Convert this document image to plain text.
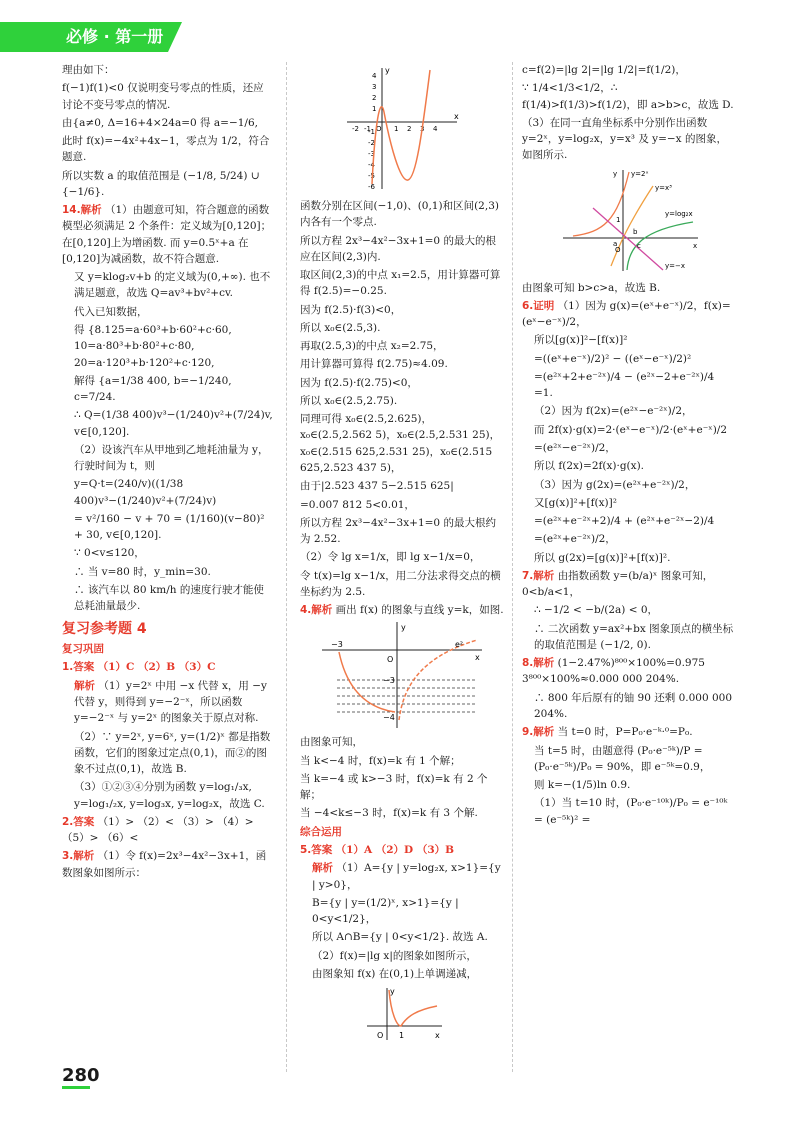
必修 · 第一册

理由如下：

f(−1)f(1)<0 仅说明变号零点的性质，还应讨论不变号零点的情况.

由{a≠0, Δ=16+4×24a=0 得 a=−1/6,

此时 f(x)=−4x²+4x−1，零点为 1/2，符合题意.

所以实数 a 的取值范围是 (−1/8, 5/24) ∪ {−1/6}.

14.解析 （1）由题意可知，符合题意的函数模型必须满足 2 个条件：定义域为[0,120]；在[0,120]上为增函数. 而 y=0.5ˣ+a 在[0,120]为减函数，故不符合题意.

又 y=klog₂v+b 的定义域为(0,+∞). 也不满足题意，故选 Q=av³+bv²+cv.

代入已知数据，

得 {8.125=a·60³+b·60²+c·60, 10=a·80³+b·80²+c·80, 20=a·120³+b·120²+c·120,

解得 {a=1/38 400, b=−1/240, c=7/24.

∴ Q=(1/38 400)v³−(1/240)v²+(7/24)v, v∈[0,120].

（2）设该汽车从甲地到乙地耗油量为 y，行驶时间为 t，则

y=Q·t=(240/v)((1/38 400)v³−(1/240)v²+(7/24)v)

= v²/160 − v + 70 = (1/160)(v−80)² + 30, v∈[0,120].

∵ 0<v≤120，

∴ 当 v=80 时，y_min=30.

∴ 该汽车以 80 km/h 的速度行驶才能使总耗油量最少.

复习参考题 4
复习巩固

1.答案 （1）C （2）B （3）C

解析 （1）y=2ˣ 中用 −x 代替 x，用 −y 代替 y，则得到 y=−2⁻ˣ，所以函数 y=−2⁻ˣ 与 y=2ˣ 的图象关于原点对称.

（2）∵ y=2ˣ, y=6ˣ, y=(1/2)ˣ 都是指数函数，它们的图象过定点(0,1)，而②的图象不过点(0,1)，故选 B.

（3）①②③④分别为函数 y=log₁/₃x, y=log₁/₂x, y=log₃x, y=log₂x，故选 C.

2.答案 （1）> （2）< （3）> （4）> （5）> （6）<

3.解析 （1）令 f(x)=2x³−4x²−3x+1，函数图象如图所示：

x
y
4
3
2
1
-1
-2
-3
-4
-5
-6
-2 -1 O 1 2 3 4

函数分别在区间(−1,0)、(0,1)和区间(2,3)内各有一个零点.

所以方程 2x³−4x²−3x+1=0 的最大的根应在区间(2,3)内.

取区间(2,3)的中点 x₁=2.5，用计算器可算得 f(2.5)=−0.25.

因为 f(2.5)·f(3)<0，

所以 x₀∈(2.5,3).

再取(2.5,3)的中点 x₂=2.75，

用计算器可算得 f(2.75)≈4.09.

因为 f(2.5)·f(2.75)<0，

所以 x₀∈(2.5,2.75).

同理可得 x₀∈(2.5,2.625)，x₀∈(2.5,2.562 5)，x₀∈(2.5,2.531 25)，x₀∈(2.515 625,2.531 25)，x₀∈(2.515 625,2.523 437 5)，

由于|2.523 437 5−2.515 625|

=0.007 812 5<0.01，

所以方程 2x³−4x²−3x+1=0 的最大根约为 2.52.

（2）令 lg x=1/x，即 lg x−1/x=0，

令 t(x)=lg x−1/x，用二分法求得交点的横坐标约为 2.5.

4.解析 画出 f(x) 的图象与直线 y=k，如图.

−3
O
e²
x
−3
−4
y

由图象可知，

当 k<−4 时，f(x)=k 有 1 个解；

当 k=−4 或 k>−3 时，f(x)=k 有 2 个解；

当 −4<k≤−3 时，f(x)=k 有 3 个解.

综合运用

5.答案 （1）A （2）D （3）B

解析 （1）A={y | y=log₂x, x>1}={y | y>0}，

B={y | y=(1/2)ˣ, x>1}={y | 0<y<1/2}，

所以 A∩B={y | 0<y<1/2}. 故选 A.

（2）f(x)=|lg x|的图象如图所示，

由图象知 f(x) 在(0,1)上单调递减，

y
O 1	x

c=f(2)=|lg 2|=|lg 1/2|=f(1/2)，

∵ 1/4<1/3<1/2，∴ f(1/4)>f(1/3)>f(1/2)，即 a>b>c，故选 D.

（3）在同一直角坐标系中分别作出函数 y=2ˣ，y=log₂x，y=x³ 及 y=−x 的图象，如图所示.

y=2ˣ
y=x³
y=log₂x
y=−x
a
b
c
O	x
y
1

由图象可知 b>c>a，故选 B.

6.证明 （1）因为 g(x)=(eˣ+e⁻ˣ)/2，f(x)=(eˣ−e⁻ˣ)/2，

所以[g(x)]²−[f(x)]²

=((eˣ+e⁻ˣ)/2)² − ((eˣ−e⁻ˣ)/2)²

=(e²ˣ+2+e⁻²ˣ)/4 − (e²ˣ−2+e⁻²ˣ)/4 =1.

（2）因为 f(2x)=(e²ˣ−e⁻²ˣ)/2，

而 2f(x)·g(x)=2·(eˣ−e⁻ˣ)/2·(eˣ+e⁻ˣ)/2

=(e²ˣ−e⁻²ˣ)/2，

所以 f(2x)=2f(x)·g(x).

（3）因为 g(2x)=(e²ˣ+e⁻²ˣ)/2，

又[g(x)]²+[f(x)]²

=(e²ˣ+e⁻²ˣ+2)/4 + (e²ˣ+e⁻²ˣ−2)/4

=(e²ˣ+e⁻²ˣ)/2，

所以 g(2x)=[g(x)]²+[f(x)]².

7.解析 由指数函数 y=(b/a)ˣ 图象可知，0<b/a<1，

∴ −1/2 < −b/(2a) < 0，

∴ 二次函数 y=ax²+bx 图象顶点的横坐标的取值范围是 (−1/2, 0).

8.解析 (1−2.47%)⁸⁰⁰×100%=0.975 3⁸⁰⁰×100%≈0.000 000 204%.

∴ 800 年后原有的铀 90 还剩 0.000 000 204%.

9.解析 当 t=0 时，P=P₀·e⁻ᵏ·⁰=P₀.

当 t=5 时，由题意得 (P₀·e⁻⁵ᵏ)/P = (P₀·e⁻⁵ᵏ)/P₀ = 90%，即 e⁻⁵ᵏ=0.9，

则 k=−(1/5)ln 0.9.

（1）当 t=10 时，(P₀·e⁻¹⁰ᵏ)/P₀ = e⁻¹⁰ᵏ = (e⁻⁵ᵏ)² =

280
